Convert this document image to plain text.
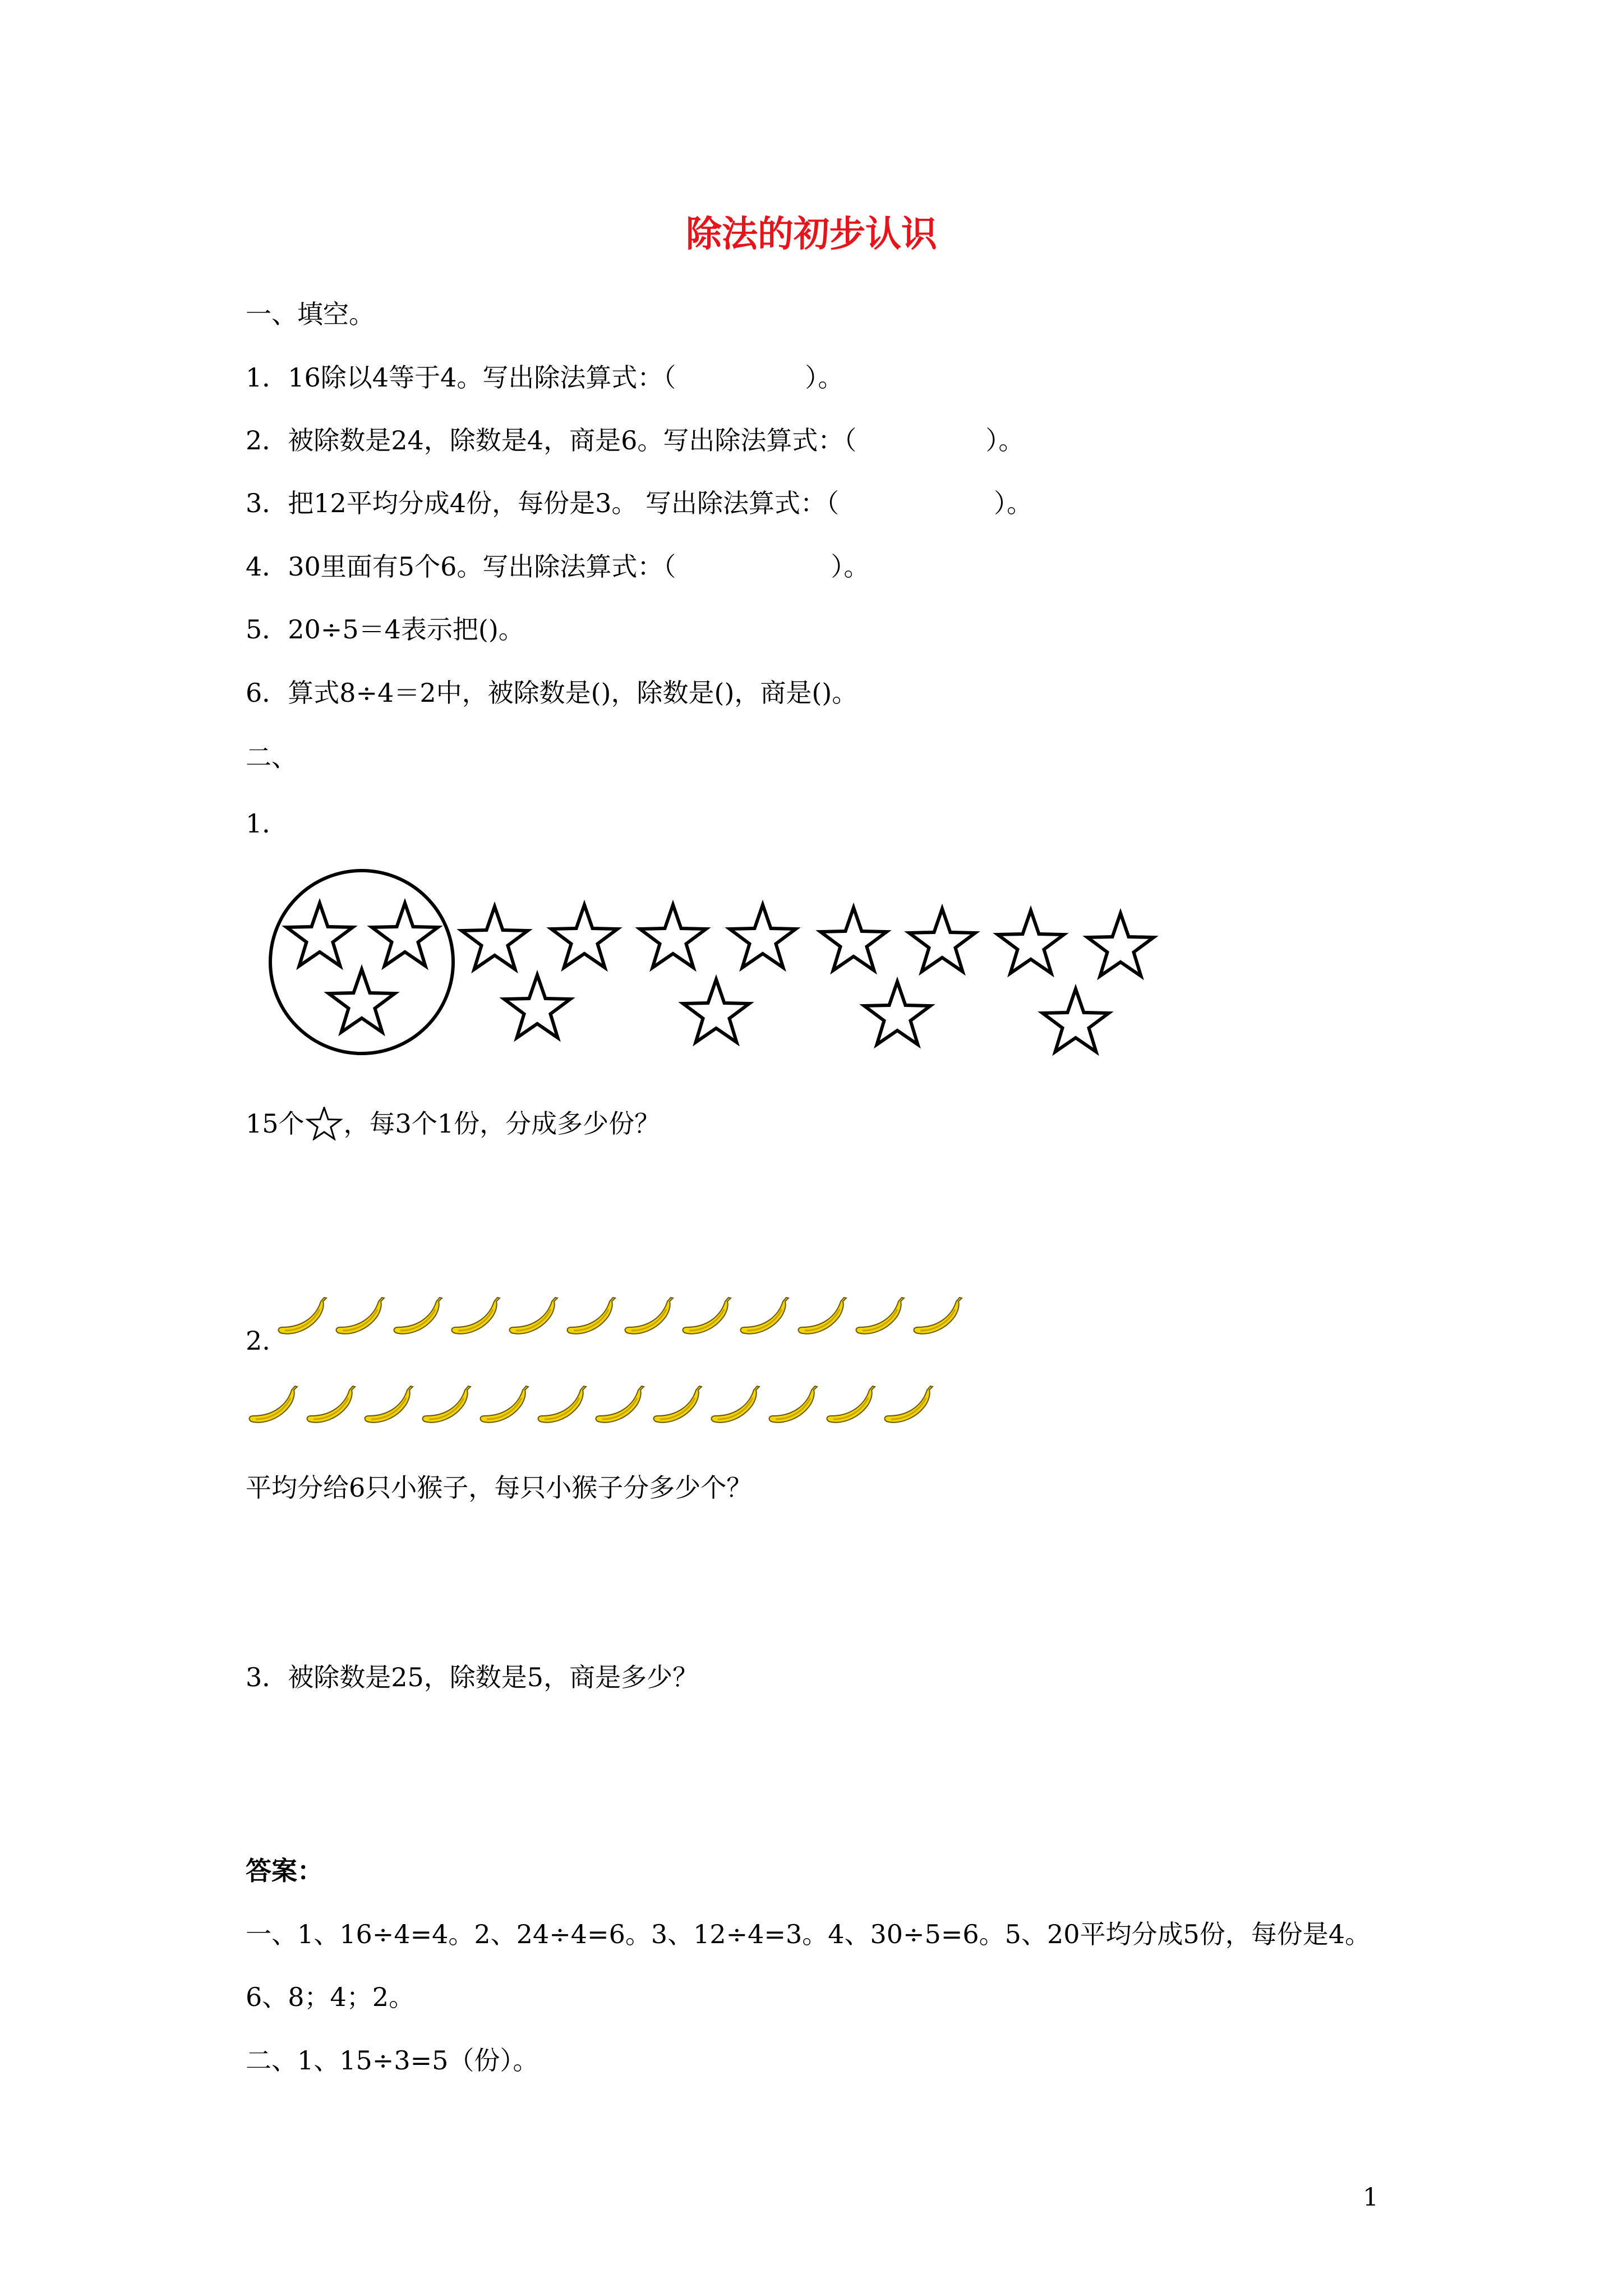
除法的初步认识
一、填空。
1．16除以4等于4。写出除法算式：（　　　　　）。
2．被除数是24，除数是4，商是6。写出除法算式：（　　　　　）。
3．把12平均分成4份，每份是3。 写出除法算式：（　　　　　　）。
4．30里面有5个6。写出除法算式：（　　　　　　）。
5．20÷5＝4表示把()。
6．算式8÷4＝2中，被除数是()，除数是()，商是()。
二、
1．
15个 ，每3个1份，分成多少份？
2.
平均分给6只小猴子，每只小猴子分多少个？
3．被除数是25，除数是5，商是多少？
答案：
一、1、16÷4=4。2、24÷4=6。3、12÷4=3。4、30÷5=6。5、20平均分成5份，每份是4。
6、8；4；2。
二、1、15÷3=5（份）。
1
